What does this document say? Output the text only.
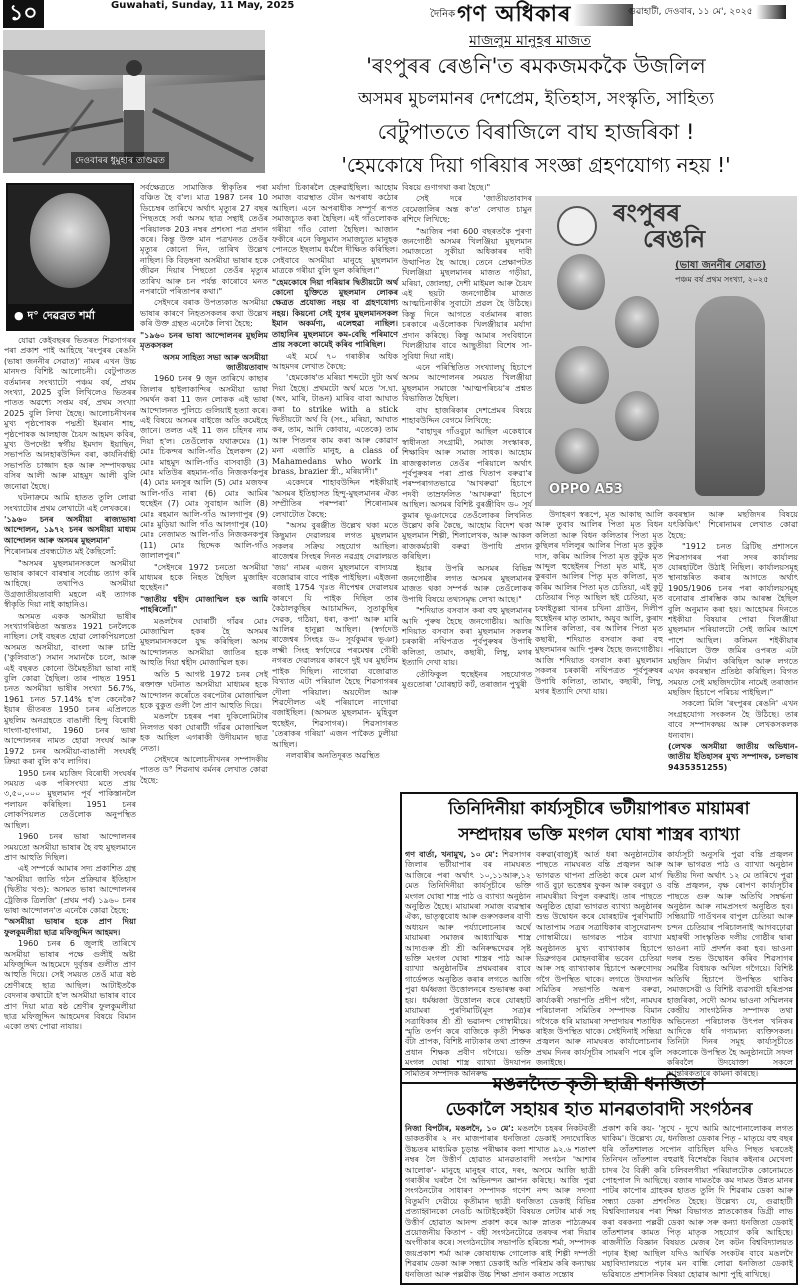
১০	Guwahati, Sunday, 11 May, 2025
দৈনিক গণ অধিকাৰ	গুৱাহাটী, দেওবাৰ, ১১ মে', ২০২৫
দেওবাৰৰ ধুমুহাৰ তাণ্ডৱত
মাজলুম মানুহৰ মাজত
'ৰংপুৰৰ ৰেঙনি'ত ৰমকজমককৈ উজলিল
অসমৰ মুচলমানৰ দেশপ্ৰেম, ইতিহাস, সংস্কৃতি, সাহিত্য
বেটুপাততে বিৰাজিলে বাঘ হাজৰিকা !
'হেমকোষে দিয়া গৰিয়াৰ সংজ্ঞা গ্ৰহণযোগ্য নহয় !'
● দ° দেৱব্ৰত শৰ্মা

যোৱা কেইবছৰৰ ভিতৰত শিৱসাগৰৰ পৰা প্ৰকাশ পাই আহিছে 'ৰংপুৰৰ ৰেঙনি (ভাষা জননীৰ সেৱাত)' নামৰ এখন উচ্চ মানদণ্ড বিশিষ্ট আলোচনী। বেটুপাতত বৰ্তমানৰ সংখ্যাটো পঞ্চম বৰ্ষ, প্ৰথম সংখ্যা, 2025 বুলি লিখিলেও ভিতৰৰ পাতত অৱশ্যে সপ্তম বৰ্ষ, প্ৰথম সংখ্যা 2025 বুলি লিখা হৈছে। আলোচনীখনৰ মুখ্য পৃষ্ঠপোষক পদ্মশ্ৰী ইমৰান শাহ, পৃষ্ঠপোষক আলহাজ চৈয়দ আহমদ কবিৰ, মুখ্য উপদেষ্টা স্বৰ্গীয় ইমদাদ ইয়াছিন, সভাপতি আনহাৰউদ্দিন বৰা, কাৰ্যনিৰ্বাহী সভাপতি চাজ্জাদ হক আৰু সম্পাদকদ্বয় বসিৰ আলী আৰু মাহমুদ আলী বুলি জনোৱা হৈছে।

ঘটনাক্ৰমে আমি হাতত তুলি লোৱা সংখ্যাটোৰ প্ৰথম লেখাটো এই লেখকৰে।

'১৯৬০ চনৰ অসমীয়া ৰাজ্যভাষা আন্দোলন, ১৯৭২ চনৰ অসমীয়া মাধ্যম আন্দোলন আৰু অসমৰ মুছলমান'

শিৰোনামৰ প্ৰবন্ধটোত মই কৈছিলোঁ:

"অসমৰ মুছলমানসকলে অসমীয়া ভাষাৰ কাৰণে বাৰম্বাৰ সৰ্বোচ্চ ত্যাগ কৰি আহিছে। তথাপিও অসমীয়া উগ্ৰজাতীয়তাবাদী মহলে এই ত্যাগক স্বীকৃতি দিয়া নাই কাহানিও।

অসমত একক অসমীয়া ভাষীৰ সংখ্যাগৰিষ্ঠতা অন্ততঃ 1921 চনলৈকে নাছিল। সেই বছৰত হোৱা লোকপিয়লতো অসমত অসমীয়া, বাংলা আৰু চাম্ৰি ('কুলিবাত') সমান সমানকৈ চলে, আৰু এই বছৰত কোনো উমৈহতীয়া ভাষা নাই বুলি কোৱা হৈছিল। তাৰ পাছত 1951 চনত অসমীয়া ভাষীৰ সংখ্যা 56.7%, 1961 চনত 57.14% হ'ল কেনেকৈ? ইয়াৰ ভীতৰত 1950 চনৰ এপ্ৰিলতে মুছলিম অনগ্ৰহতে বাঙালী হিন্দু বিৰোধী দাংগা-হাংগামা, 1960 চনৰ ভাষা আন্দোলনৰ নামত হোৱা সংঘৰ্ষ আৰু 1972 চনৰ অসমীয়া-বাঙালী সংঘৰ্ষই ক্ৰিয়া কৰা বুলি ক'ব লাগিব।

1950 চনৰ মচজিদ বিৰোধী সংঘৰ্ষৰ সময়ত এক পৰিসংখ্যা মতে প্ৰায় ৩,৫০,০০০ মুছলমান পূৰ্ব পাকিস্তানলৈ পলায়ন কৰিছিল। 1951 চনৰ লোকপিয়লত তেওঁলোক অনুপস্থিত আছিল।

1960 চনৰ ভাষা আন্দোলনৰ সময়তো অসমীয়া ভাষাৰ হৈ বহু মুছলমানে প্ৰাণ আহুতি দিছিল।

এই সম্পৰ্কে আমাৰ সদ্য প্ৰকাশিত গ্ৰন্থ 'অসমীয়া জাতি গঠন প্ৰক্ৰিয়াৰ ইতিহাস (দ্বিতীয় খণ্ড): অসমত ভাষা আন্দোলনৰ ট্ৰেজিক ত্ৰিলজি' (প্ৰথম পৰ্ব) ১৯৬০ চনৰ ভাষা আন্দোলন'ত এনেকৈ কোৱা হৈছে:

"অসমীয়া ভাষাৰ হকে প্ৰাণ দিয়া ফুলকুমলীয়া ছাত্ৰ মফিজুদ্দিন আহমদ।

1960 চনৰ 6 জুলাই তাৰিখে অসমীয়া ভাষাৰ পক্ষে গুলীই অষ্টা মফিজুদ্দিন আহমেদে দুৰ্বৃত্তৰ গুলীত প্ৰাণ আহুতি দিয়ে। সেই সময়ত তেওঁ মাত্ৰ ষষ্ঠ শ্ৰেণীৰহে ছাত্ৰ আছিল। আটাইতকৈ বেদনাৰ কথাটো হ'ল অসমীয়া ভাষাৰ বাবে প্ৰাণ দিয়া মাত্ৰ ষষ্ঠ শ্ৰেণীৰ ফুলকুমলীয়া ছাত্ৰ মফিজুদ্দিন আহমেদৰ বিষয়ে বিমান একো তথ্য পোৱা নাযায়।

সৰ্বক্ষেত্ৰতে সামাজিক স্বীকৃতিৰ পৰা বঞ্চিত হৈ ব'ল। মাত্ৰ 1987 চনৰ 10 ডিচেম্বৰ তাৰিখে অৰ্থাৎ মৃত্যুৰ 27 বছৰ পিছতহে সৰ্বা অসম ছাত্ৰ সন্থাই তেওঁৰ পৰিয়ালক 203 নম্বৰ প্ৰশংসা পত্ৰ প্ৰদান কৰে। কিন্তু উক্ত মান পত্ৰখনত তেওঁৰ মৃত্যুৰ কোনো দিন, তাৰিখ উল্লেখ নাছিল। কি বিড়ম্বনা অসমীয়া ভাষাৰ হকে জীৱন দিয়াৰ পিছতো তেওঁৰ মৃত্যুৰ তাৰিখ আৰু চন পৰ্যন্ত কাৰোবে মনত নপৰাটো পৰিতাপৰ কথা।"

সেইদৰে বৰাক উপত্যকাত অসমীয়া ভাষাৰ কাৰণে নিহতসকলৰ কথা উল্লেখ কৰি উক্ত গ্ৰন্থত এনেকৈ লিখা হৈছে:

"১৯৬০ চনৰ ভাষা আন্দোলনৰ মুছলিম মৃতকসকল
অসম সাহিত্য সভা আৰু অসমীয়া জাতীয়তাবাদ

1960 চনৰ 9 জুন তাৰিখে কাছাৰ জিলাৰ হাইলাকান্দিৰ অসমীয়া ভাষা সমৰ্থন কৰা 11 জন লোকক এই ভাষা আন্দোলনত পুলিচে গুলিয়াই হত্যা কৰে। এই বিষয়ে অসমৰ বাইজে অতি কমেইহে জানে। তলত এই 11 জন চহিদৰ নাম দিয়া হ'ল। তেওঁলোক যথাক্ৰমেঃ (1) মোঃ চিকন্দৰ আলি-গাঁও হৈলকন্দ (2) মোঃ মাহমুদ আলি-গাঁও বাসবাড়ী (3) মোঃ মতিউৰ ৰহমান-গাঁও নিজকৰ্ণকপুৰ (4) মোঃ মনসুৰ আলি (5) মোঃ মজফৰ আলি-গাঁও নাৰা (6) মোঃ আমিৰ হুছেইন (7) মোঃ সুবাহান আলি (8) মোঃ ৰহমান আলি-গাঁও আলগাপুৰ (9) মোঃ মুড়িয়া আলি গাঁও আলগাপুৰ (10) মোঃ নেজামত আলি-গাঁও নিজকনকপুৰ (11) মোঃ ছিদ্দেক আলি-গাঁও জালালপুৰ।"

"সেইদৰে 1972 চনতো অসমীয়া মাধ্যমৰ হকে নিহত হৈছিল মুজাহিদ হুছেইন।"

"জাতীয় শ্বহীদ মোজাম্মিল হক আমি পাহৰিলোঁ।"

মঙলদৈৰ ঘোৰাটী গাঁৱৰ মোঃ মোজাম্মিল হকৰ হৈ অসমৰ মুছলমানসকলে যুদ্ধ কৰিছিল। অসম আন্দোলনত অসমীয়া জাতিৰ হকে আহুতি দিয়া শ্বহীদ মোজাম্মিল হক।

অতি 5 আগষ্ট 1972 চনৰ সেই ৰক্তাক্ত ঘটনাত অসমীয়া মাধ্যমৰ হকে আন্দোলন কৰোঁতে বৰপেটাৰ মোজাম্মিল হকে বুকুত গুলী লৈ প্ৰাণ আহুতি দিয়ে।

মঙলদৈ চহৰৰ পৰা দুকিলোমিটাৰ নিলগত থকা ঘোৰাটী গাঁৱৰ মোজাম্মিল হক আছিল এগৰাকী উদীয়মান ছাত্ৰ নেতা।

সেইদৰে আলোচনীখনৰ সম্পাদকীয় পাতত ড° শিৱনাথ বৰ্মনৰ লেখাত কোৱা হৈছে:

মৰ্যাদা চিকাৰলৈ হেৰুৱাইছিল। আহোম সমাজ ব্যৱস্থাত যৌন অপৰাধ কঠোৰ আছিল। এনে অপৰাধীক সম্পূৰ্ণ ৰূপত সমাজচ্যুত কৰা হৈছিল। এই গাঁওলোকক গৰীয়া গাঁও বোলা হৈছিল। আজান ফকীৰে এনে কিছুমান সমাজচ্যুত মানুহক পোনতে ইছলাম ধৰ্মলৈ দীক্ষিত কৰিছিল। সেইবাবে অসমীয়া মানুহে মুছলমান মাত্ৰকে গৰীয়া বুলি ভুল কৰিছিল।"

"হেমকোষে দিয়া গৰিয়াৰ দ্বিতীয়টো অৰ্থ কোনো যুক্তিতে মুছলমান লোকৰ ক্ষেত্ৰত প্ৰযোজ্য নহয় বা গ্ৰহণযোগ্য নহয়। কিয়নো সেই যুগৰ মুছলমানসকল ইমান অকৰ্মণ্য, এলেহুৱা নাছিল। তাহানিৰ মুছলমানে কম-বেছি পৰিমাণে প্ৰায় সকলো কামেই কৰিব পাৰিছিল।

এই মৰ্মে ৭০ গৰাকীৰ অধিক আহমদৰ লেখাত কৈছে:

'হেমকোষ'ত মৰিয়া শব্দটো দুটা অৰ্থ দিয়া হৈছে। প্ৰথমটো অৰ্থ মতে 'স.ঘা. (অং, মাৰি, টাঙন) মাৰিব বাবা আঘাত কৰা to strike with a stick দ্বিতীয়টো অৰ্থ বি (সং., মৰিয়া, আঘাত কৰ, তাম, আদি কোবায়, এতেকে) তাম আৰু পিতলৰ কাম কৰা আৰু কোৱাণ মনা এজাতি মানুহ, a class of Mahamedans who work in brass, brazier স্ত্ৰী., মৰিয়ানী।"

একেদৰে শাহাবউদ্দিন শইকীয়াই 'অসমৰ ইতিহাসত হিন্দু-মুছলমানৰ ঐক্য সম্প্ৰীতিৰ পৰম্পৰা' শিৰোনামৰ লেখাটোত কৈছে:

"অসম বুৰঞ্জীত উল্লেখ থকা মতে কিছুমান দেৱালয়ৰ লগত মুছলমান সকলৰ সক্ৰিয় সহযোগ আছিল। ৰাজেশ্বৰ সিংহৰ দিনত নৱগ্ৰহ দেৱালয়ত 'জয়' নামৰ এজন মুছলমানে বাদ্যযন্ত্ৰ বজোৱাৰ বাবে পাইক পাইছিল। এইজনা ৰজাই 1754 খৃঃত নীপেশ্বৰ দেৱালয়ৰ কাৰণে যি পাইক দিছিল তাৰ কৈঠালকুছিৰ আচামদ্দিন, সুতাকুছিৰ দেৱক, গঠিয়া, ধৰা, কপা' আৰু মাৰি আলিৰ হানুল্লা আছিল। (স্বৰ্গদেউ ৰাজেশ্বৰ সিংহঃ ড০ সূৰ্যকুমাৰ ভূঞা) লক্ষ্মী সিংহ স্বৰ্গদেৱে পৰমেশ্বৰ গৌৰী নগৰত দেৱালয়ৰ কাৰণে দুই ঘৰ মুছলিম পাইক দিছিল। নাগোৱা বজোৱাত বিখ্যাত এটা পৰিয়াল হৈছে শিৱসাগৰৰ দৌলা পৰিয়াল। অয়দৌল আৰু শিৱদৌলত এই পৰিয়ালে নাগোৱা বজাইছিল। (অসমত মুছলমান- মুহিবুল হুছেইন, শিৱসাগৰ)। শিৱসাগৰত 'তেৰাকৰ গৰিয়া' এজন পাকৈত ঢুলীয়া আছিল।

নলবাৰীৰ অনতিদূৰত অৱস্থিত

বিষয়ে গুণাগথা কৰা হৈছে।"

সেই দৰে 'জাতীয়তাবাদৰ বেমেজালিৰ অন্ত ক'ত' লেখাত চামুন ৰশিদে লিখিছে:

"আজিৰ পৰা 600 বছৰতকৈ পুৰণা জনগোষ্ঠী অসমৰ খিলঞ্জিয়া মুছলমান সমাজতো সুকীয়া অধিকাৰৰ দাবী উত্থাপিত হৈ আছে। তেনে প্ৰেক্ষাপটত খিলঞ্জিয়া মুছলমানৰ মাজত গড়ীয়া, মৰিয়া, জোলহা, দেশী মাইমল আৰু চৈয়দ এই ছয়টা জনগোষ্ঠীৰ মাজত আত্মচিনাকীৰ সুবাটো প্ৰৱল হৈ উঠিছে। কিন্তু দিনে আগতে বৰ্তমানৰ ৰাজ্য চৰকাৰে এওঁলোকক খিলঞ্জীয়াৰ মৰ্যাদা প্ৰদান কৰিছে। কিন্তু আমাৰ সংবিধানে খিলঞ্জীয়াৰ বাবে আছুতীয়া বিশেষ সা-সুবিধা দিয়া নাই।

এনে পৰিস্থিতিত সংখ্যালঘু হিচাপে অসম আন্দোলনৰ সময়ত খিলঞ্জীয়া মুছলমান সমাজে 'আত্মপৰিচয়'ৰ প্ৰশ্নত বিভাজিত হৈছিল।

বাঘ হাজৰিকাৰ দেশপ্ৰেমৰ বিষয়ে শাহাবউদ্দিন বেগমে লিখিছে:

"বাহাদুৰ গাঁওবুঢ়া আছিল একেধাৰে স্বাধীনতা সংগ্ৰামী, সমাজ সংস্কাৰক, শিক্ষাবিদ আৰু সমাজ সাধক। আহোম ৰাজত্বকালত তেওঁৰ পৰিয়ালে অৰ্থাৎ পূৰ্বপুৰুষৰ পৰা প্ৰাপ্ত খিতাপ বৰুৱা'ৰ পৰম্পৰাগতভাৱে 'আখৰুৱা' হিচাপে পদবী তাম্ৰফলিত 'আখৰুৱা' হিচাপে আছিল। অসমৰ বিশিষ্ট বুৰঞ্জীবিদ ড০ সূৰ্য কুমাৰ ভূঞাদেৱে তেওঁলোকৰ লিখনিত উল্লেখ কৰি কৈছে, আহোম বিদেশ থকা মুছলমান শিল্পী, শিলালেখক, আৰু আকল ৰাজকৰ্মচাৰী বৰুৱা উপাধি প্ৰদান কৰিছিল।

ইয়াৰ উপৰি অসমৰ বিভিন্ন জনগোষ্ঠীৰ লগত অসমৰ মুছলমানৰ মাজত থকা সম্পৰ্ক আৰু তেওঁলোকৰ উপাধি বিষয়ে তথ্যসমৃদ্ধ লেখা আছে।"

"শদিয়াত বসবাস কৰা বহু মুছলমানৰ আদি পুৰুষ হৈছে জনগোষ্ঠীয়। আজি শদিয়াত বসবাস কৰা মুছলমান সকলৰ চৰকাৰী নথিপত্ৰত পূৰ্বপুৰুষৰ উপাধি কলিতা, তামাং, কছাৰী, লিম্বু, মগৰ ইত্যাদি দেখা যায়।

তৌফিকুল হুছেইনৰ সহযোগত মুগুতোৰা 'যোৰহাট কৰ্ট, তৰাজান পুখুৰী

ৰংপুৰৰ
ৰেঙনি
(ভাষা জননীৰ সেৱাত)
পঞ্চম বৰ্ষ প্ৰথম সংখ্যা, ২০২৫
OPPO A53

উদাহৰণ স্বৰূপে, মৃত আকাছ আলি আৰু তুবাব আলিৰ পিতা মৃত বিধন কলিতা আৰু বিধন কলিতাৰ পিতা মৃত কুছিলৰ দলিলুৰ আলিৰ পিতা মৃত কুটুক দাস, কৰিম আলিৰ পিতা মৃত কুটুক মৃত আব্দুল হুছেইনৰ পিতা মৃত মাই, মৃত কুৰবান আলিৰ পিতৃ মৃত কলিতা, মৃত কৰিম আলিৰ পিতা মৃত চেতিয়া, এই কুটু চেতিয়াৰ পিতৃ আছিল ছই চেতিয়া, মৃত চফাইতুল্লা খানৰ চখিনা গ্ৰাউন, দিলীপ হুছেইনৰ মাতৃ তামাং, অযুব আলি, কুৰাদ আলিৰ কলিতা, বৰ আলিৰ পিতা মৃত কছাৰী, শদিয়াত বসবাস কৰা বহু মুছলমানৰ আদি পুৰুষ হৈছে জনগোষ্ঠীয়। আজি শদিয়াত বসবাস কৰা মুছলমান সকলৰ চৰকাৰী নথিপত্ৰত পূৰ্বপুৰুষৰ উপাধি কলিতা, তামাং, কছাৰী, লিম্বু, মগৰ ইত্যাদি দেখা যায়।

কবৰস্থান আৰু মছজিদৰ বিষয়ে যৎকিঞ্চিৎ' শিৰোনামৰ লেখাত কোৱা হৈছে:

"1912 চনত ব্ৰিটিছ প্ৰশাসনে শিৱসাগৰৰ পৰা সদৰ কাৰ্যালয় যোৰহাটলৈ উঠাই নিছিল। কাৰ্যালয়সমূহ স্থানান্তৰিত কৰাৰ আগতে অৰ্থাৎ 1905/1906 চনৰ পৰা কাৰ্যালয়সমূহ বনোৱাৰ প্ৰাৰম্ভিক কাম আৰম্ভ হৈছিল বুলি অনুমান কৰা হয়। আহোমৰ দিনতে শইকীয়া বিষয়াৰ পোৱা খিলঞ্জীয়া মুছলমান পৰিয়ালটো সেই জমিৰ আশে পাশে আছিল। কলিমন শইকীয়াৰ পৰিয়ালে উক্ত জমিৰ ওপৰত এটা মছজিদ নিৰ্মাণ কৰিছিল আৰু লগতে এখন কবৰস্থান প্ৰতিষ্ঠা কৰিছিল। বিগত সময়ত সেই মছজিদটোৰ নামেই তৰাজান মছজিদ হিচাপে পৰিচয় পাইছিল।"

সকলো মিলি 'ৰংপুৰৰ ৰেঙনি' এখন সংগ্ৰহযোগ্য সংকলন হৈ উঠিছে। তাৰ বাবে সম্পাদকদ্বয় আৰু লেখকসকলক ধন্যবাদ।

(লেখক অসমীয়া জাতীয় অভিধান-জাতীয় ইতিহাসৰ মুখ্য সম্পাদক, চলভাষ 9435351255)

তিনিদিনীয়া কাৰ্য্যসূচীৰে ভটীয়াপাৰত মায়ামৰা
সম্প্ৰদায়ৰ ভক্তি মংগল ঘোষা শাস্ত্ৰৰ ব্যাখ্যা
গণ বাৰ্তা, খনামুখ, ১০ মে': শিৱসাগৰ জিলাৰ ভটীয়াপাৰ বৰ নামঘৰত আজিৰে পৰা অৰ্থাৎ ১০,১১আৰু,১২ মেত তিনিদিনীয়া কাৰ্যসূচীৰে ভক্তি মংগল ঘোষা শাস্ত্ৰ পাঠ ও ব্যাখ্যা অনুষ্ঠান অনুষ্ঠিত হৈছে। মায়ামৰা সমাজ ব্যৱস্থাৰ ঐক্য, ভাতৃত্ববোধ আৰু গুৰুসকলৰ বাণী অধ্যয়ন আৰু পৰ্য্যালোচনাৰ অৰ্থে মায়ামৰা সমাজৰ আধ্যাত্মিক শাস্ত্ৰ আদ্যগুৰু শ্ৰী শ্ৰী অনিৰুদ্ধদেৱৰ সৃষ্ট ভক্তি মংগল ঘোষা শাস্ত্ৰৰ পাঠ আৰু ব্যাখ্যা অনুষ্ঠানটিৰ প্ৰথমবাৰৰ বাবে গাৰ্ডেন্সত অনুষ্ঠিত কৰাৰ লগতে আজি পুৱা ধৰ্মধ্বজা উত্তোলনৰে শুভাৰম্ভ কৰা হয়। ধৰ্মধ্বজা উত্তোলন কৰে যোৰহাট মায়ামৰা পুৰণিমাটি(মূল সত্ৰ)ৰ সত্ৰাধিকাৰ শ্ৰী শ্ৰী ভৱানন্দ গোস্বামীয়ে। স্মৃতি তৰ্পণ কৰে বাজিকে কৃতী শিক্ষক বঁটা প্ৰাপক, বিশিষ্ট নাট্যকাৰ তথা প্ৰাক্তন প্ৰধান শিক্ষক প্ৰবীণ গগৈয়ে। ভক্তি মংগল ঘোষা শাস্ত্ৰ ব্যাখ্যা উদযাপন সমিতিৰ সম্পাদক অনিৰুদ্ধ
বৰুৱা(বাজু)ই আৰ্ত ধৰা অনুষ্ঠানটোৰ পাছতে নামঘৰত বন্তি প্ৰজ্বলন আৰু ভাগৱত থাপনা প্ৰতিষ্ঠা কৰে মেল মাৰ্গ গাওঁ বুঢ়া ভত্তেশ্বৰ ফুকন আৰু বৰবুঢ়া ও নামঘৰীয়া বিপুল বৰুৱাই। তাৰ পাছতে অনুষ্ঠিত হোৱা ভাগৱত ব্যাখ্যা অনুষ্ঠানৰ শুভ উদ্বোধন কৰে যোৰহাটৰ পুৰণিমাটি আতাপাম সত্ৰৰ সত্ৰাধিকাৰ বাসুদেৱানন্দ গোস্বামীয়ে। ভাগৱত পাঠৰ ব্যাখ্যা অনুষ্ঠানত মুখ্য ব্যাখ্যাকাৰ হিচাপে ডিব্ৰুগড়ৰ মোহনবাৰীৰ ভবেন চেতিয়া আৰু সহ ব্যাখ্যাকাৰ হিচাপে অৰুণোদয় গগৈ উপস্থিত থাকে। লগতে উদযাপন সমিতিৰ সভাপতি অৰূপ বৰুৱা, কাৰ্য্যকৰী সভাপতি প্ৰদীপ গগৈ, নামঘৰ পৰিচালনা সমিতিৰ সম্পাদক বিমান গগৈকে ধৰি মায়ামৰা সম্প্ৰদায়ৰ শতাধিক ৰাইজ উপস্থিত থাকে। সেইদিনাই সন্ধিয়া প্ৰজ্বলন আৰু নামঘৰত কাৰ্যালোচনাৰ প্ৰথম দিনৰ কাৰ্যসূচীৰ সামৰণি পৰে বুলি জনাইছে।
কাৰ্য্যসূচী অনুসৰি পুৱা বন্তি প্ৰজ্বলন আৰু ভাগৱত পাঠ ও ব্যাখ্যা অনুষ্ঠান দ্বিতীয় দিনা অৰ্থাৎ ১২ মে তাৰিখে পুৱা বন্তি প্ৰজ্বলন, বৃক্ষ ৰোপণ কাৰ্য্যসূচীৰ পাছতে গুৰু আৰু অতিথি সম্বৰ্দ্ধনা অনুষ্ঠান আৰু নামপ্ৰসংগ অনুষ্ঠিত হব। সন্ধিয়াটি গাওঁখনৰ বাপুল চেতিয়া আৰু চন্দন চেতিয়াৰ পৰিচালনাই আগবঢ়োৱা মহাৰথী সাংস্কৃতিক দলীয় গোষ্ঠীৰ দ্বাৰা ভাওনা নাট প্ৰদৰ্শন কৰা হব। ভাওনা দলৰ শুভ উদ্বোধন কৰিব শিৱসাগৰ সমষ্টিৰ বিধায়ক অখিল গগৈয়ে। বিশিষ্ট অতিথি হিচাপে উপস্থিত থাকিব সমাজসেৱী ও বিশিষ্ট ব্যৱসায়ী হৰিপ্ৰসন্ন হাজৰিকা, সদৌ অসম ভাওনা সম্মিলনৰ কেন্দ্ৰীয় সাংগঠনিক সম্পাদক তথা অভিনেতা পৰিচালক উৎপল খনিকৰ আদিকে ধৰি গণ্যমান্য ব্যক্তিসকল। তিনিটা দিনৰ সমূহ কাৰ্য্যসূচীতে সকলোকে উপস্থিত হৈ অনুষ্ঠানটো সফল কৰিবলৈ উদযোক্তা সকলে আন্তৰিকতাৰে কামনা কৰিছে।
মঙলদৈত কৃতী ছাত্ৰী ধনজিতা
ডেকালৈ সহায়ৰ হাত মানৱতাবাদী সংগঠনৰ
নিজা বিপৰ্টাৰ, মঙলদৈ, ১০ মে': মঙলদৈ চহৰৰ নিকটবৰ্তী ডাকতকীৰ ২ নং মাজপাৰাৰ ধনজিতা ডেকাই সদ্যঘোষিত উচ্চতৰ মাধ্যমিক চূড়ান্ত পৰীক্ষাৰ কলা শাখাত ৯২.৬ শতাংশ নম্বৰ লৈ উত্তীৰ্ণ হোৱাত মানৱতাবাদী সংগঠন 'আশাৰ আলোক'- মানুহে মানুহৰ বাবে, দৰং, অসমে আজি ছাত্ৰী গৰাকীৰ ঘৰলৈ গৈ অভিনন্দন জ্ঞাপন কৰিছে। আজি পুৱা সংগঠনটোৰ সাধাৰণ সম্পাদক গণেশ নন্দ আৰু সদস্যা বিতুমণি দেৱীয়ে কৃতীমান ছাত্ৰী ধনজিতা ডেকাই বিভিন্ন প্ৰত্যাহ্বানকো নেওচি আটাইকেইটা বিষয়ত লেটাৰ মাৰ্ক সহ উত্তীৰ্ণ হোৱাত আনন্দ প্ৰকাশ কৰে আৰু স্নাতক পাঠ্যক্ৰমৰ প্ৰয়োজনীয় কিতাপ - বহী সংগঠনটোৱে তৰফৰ পৰা দিয়াৰ অংগীকাৰ কৰে। সংগঠনটোৰ সভাপতি হৰিচন্দ্ৰ শৰ্মা, সম্পাদক জয়প্ৰকাশ শৰ্মা আৰু কোষাধ্যক্ষ গোলোক ৰাই শিল্পী দম্পতী শিৱৰাম ডেকা আৰু সন্ধ্যা ডেকাই অতি পৰিশ্ৰম কৰি কন্যাদ্বয় ধনজিতা আৰু পল্লৱীক উচ্চ শিক্ষা প্ৰদান কৰাত সন্তোষ
প্ৰকাশ কৰি কয়- 'সুখে - দুখে আমি আপোনালোকৰ লগত থাকিম'। উল্লেখ্য যে, ধনজিতা ডেকাৰ পিতৃ - মাতৃয়ে বহু বছৰ ধৰি তাঁতশালত সপোন বাচিছিল যদিও পিছত ঘৰতেই তিনিখন তাঁতশাল বহুৱাই বিশেষকৈ বিয়াৰ কইনাৰ মেখেলা চাদৰ বৈ বিক্ৰী কৰি চলিবলগীয়া পৰিয়ালটোক কোনোমতে পোহপাল দি আছিছে। বজাৰ দামতকৈ কম দামত উন্নত মানৰ পাটৰ কাপোৰ গ্ৰাহকৰ হাতত তুলি দি শিৱৰাম ডেকা আৰু সন্ধ্যা ডেকা প্ৰশংসিত হৈছে। উল্লেখ্য যে, গুৱাহাটী বিশ্ববিদ্যালয়ৰ পৰা শিক্ষা বিভাগত স্নাতকোত্তৰ ডিগ্ৰী লাভ কৰা বৰকন্যা পল্লৱী ডেকা আৰু সৰু কন্যা ধনজিতা ডেকাই তাঁতশালৰ কামত পিতৃ মাতৃক সহযোগ কৰি আহিছে। ৰাজনীতি বিজ্ঞান বিষয়ত মেজৰ লৈ কটন বিশ্ববিদ্যালয়ত পঢ়াৰ ইচ্ছা আছিল যদিও আৰ্থিক সংকটৰ বাবে মঙলদৈ মহাবিদ্যালয়তে পঢ়াৰ মন বান্ধি লোৱা ধনজিতা ডেকাই ভৱিষ্যতে প্ৰশাসনিক বিষয়া হোৱাৰ আশা পুহি ৰাখিছে।
